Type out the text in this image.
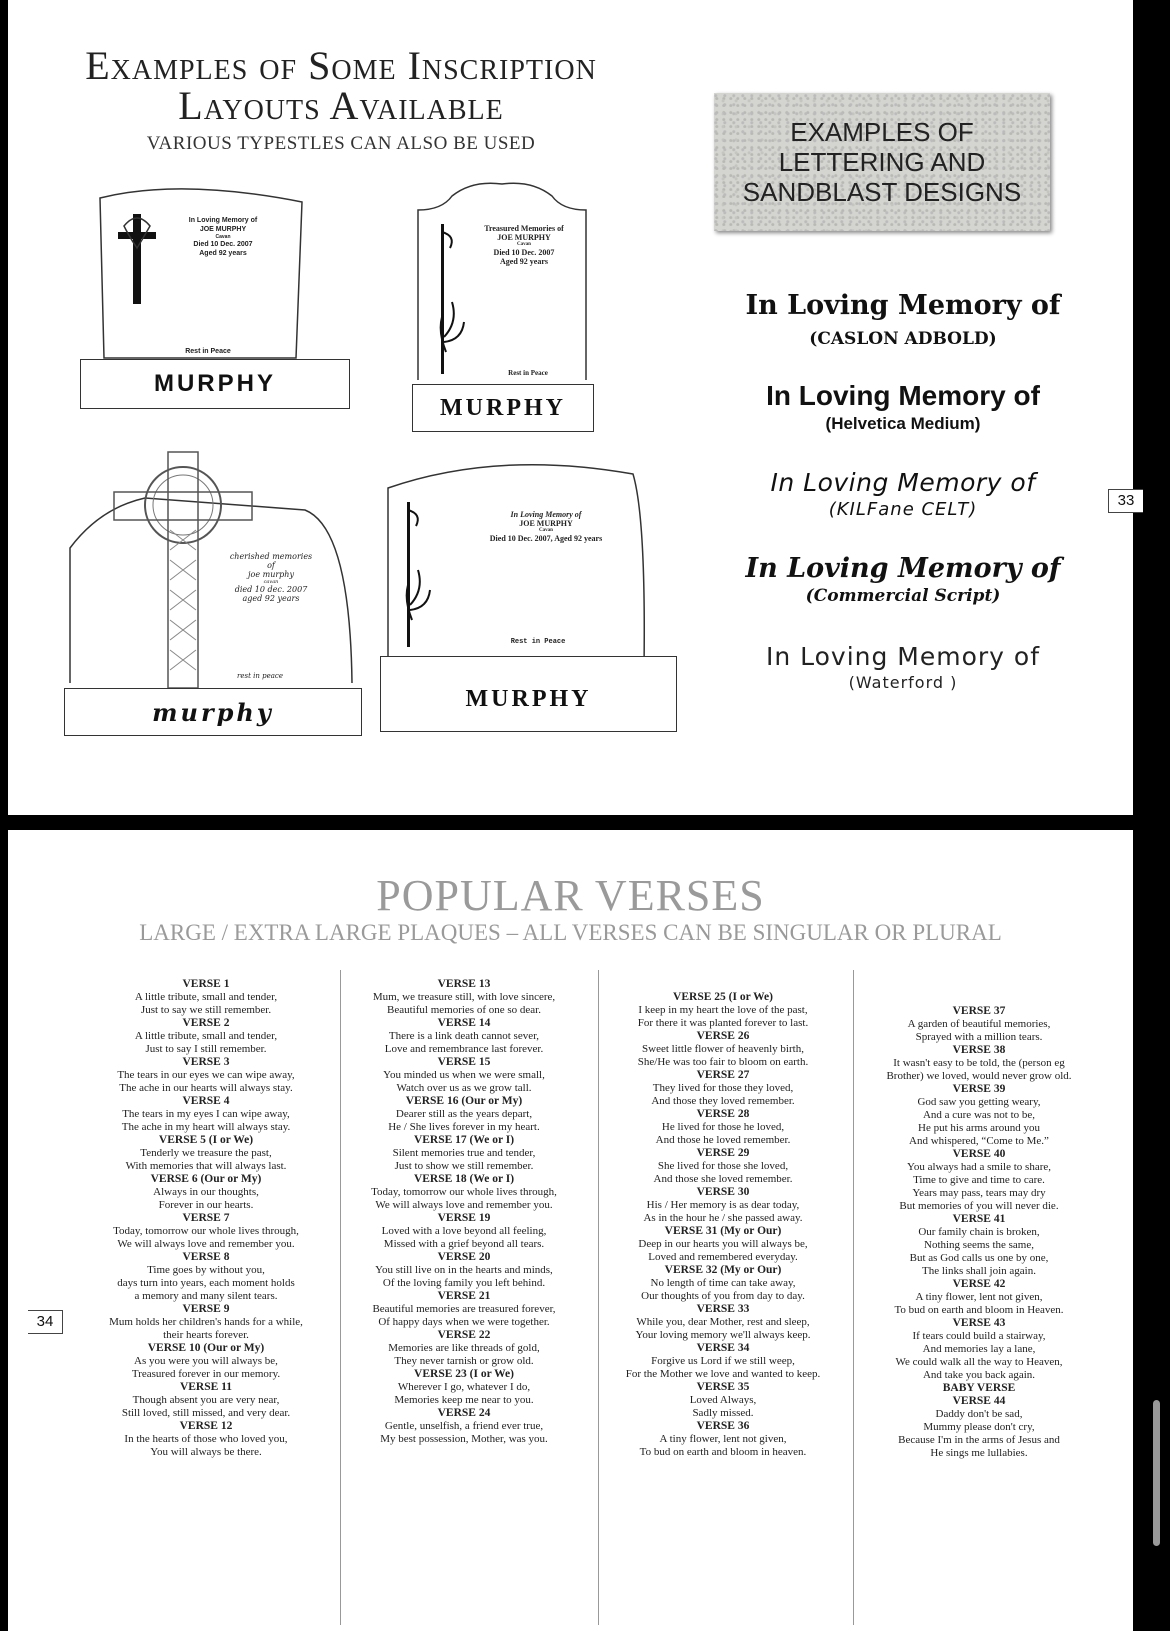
Examples of Some Inscription
Layouts Available
VARIOUS TYPESTLES CAN ALSO BE USED	EXAMPLES OF
LETTERING AND
SANDBLAST DESIGNS
In Loving Memory of
JOE MURPHY
Cavan
Died 10 Dec. 2007
Aged 92 years
Rest in Peace
MURPHY
Treasured Memories of
JOE MURPHY
Cavan
Died 10 Dec. 2007
Aged 92 years
Rest in Peace
MURPHY
cherished memories
of
joe murphy
cavan
died 10 dec. 2007
aged 92 years
rest in peace
murphy
In Loving Memory of
JOE MURPHY
Cavan
Died 10 Dec. 2007, Aged 92 years
Rest in Peace
MURPHY
In Loving Memory of
(CASLON ADBOLD)
In Loving Memory of
(Helvetica Medium)
In Loving Memory of
(KILFane CELT)
In Loving Memory of
(Commercial Script)
In Loving Memory of
(Waterford )
33
POPULAR VERSES
LARGE / EXTRA LARGE PLAQUES – ALL VERSES CAN BE SINGULAR OR PLURAL
VERSE 1
A little tribute, small and tender,
Just to say we still remember.
VERSE 2
A little tribute, small and tender,
Just to say I still remember.
VERSE 3
The tears in our eyes we can wipe away,
The ache in our hearts will always stay.
VERSE 4
The tears in my eyes I can wipe away,
The ache in my heart will always stay.
VERSE 5 (I or We)
Tenderly we treasure the past,
With memories that will always last.
VERSE 6 (Our or My)
Always in our thoughts,
Forever in our hearts.
VERSE 7
Today, tomorrow our whole lives through,
We will always love and remember you.
VERSE 8
Time goes by without you,
days turn into years, each moment holds
a memory and many silent tears.
VERSE 9
Mum holds her children's hands for a while,
their hearts forever.
VERSE 10 (Our or My)
As you were you will always be,
Treasured forever in our memory.
VERSE 11
Though absent you are very near,
Still loved, still missed, and very dear.
VERSE 12
In the hearts of those who loved you,
You will always be there.
VERSE 13
Mum, we treasure still, with love sincere,
Beautiful memories of one so dear.
VERSE 14
There is a link death cannot sever,
Love and remembrance last forever.
VERSE 15
You minded us when we were small,
Watch over us as we grow tall.
VERSE 16 (Our or My)
Dearer still as the years depart,
He / She lives forever in my heart.
VERSE 17 (We or I)
Silent memories true and tender,
Just to show we still remember.
VERSE 18 (We or I)
Today, tomorrow our whole lives through,
We will always love and remember you.
VERSE 19
Loved with a love beyond all feeling,
Missed with a grief beyond all tears.
VERSE 20
You still live on in the hearts and minds,
Of the loving family you left behind.
VERSE 21
Beautiful memories are treasured forever,
Of happy days when we were together.
VERSE 22
Memories are like threads of gold,
They never tarnish or grow old.
VERSE 23 (I or We)
Wherever I go, whatever I do,
Memories keep me near to you.
VERSE 24
Gentle, unselfish, a friend ever true,
My best possession, Mother, was you.
VERSE 25 (I or We)
I keep in my heart the love of the past,
For there it was planted forever to last.
VERSE 26
Sweet little flower of heavenly birth,
She/He was too fair to bloom on earth.
VERSE 27
They lived for those they loved,
And those they loved remember.
VERSE 28
He lived for those he loved,
And those he loved remember.
VERSE 29
She lived for those she loved,
And those she loved remember.
VERSE 30
His / Her memory is as dear today,
As in the hour he / she passed away.
VERSE 31 (My or Our)
Deep in our hearts you will always be,
Loved and remembered everyday.
VERSE 32 (My or Our)
No length of time can take away,
Our thoughts of you from day to day.
VERSE 33
While you, dear Mother, rest and sleep,
Your loving memory we'll always keep.
VERSE 34
Forgive us Lord if we still weep,
For the Mother we love and wanted to keep.
VERSE 35
Loved Always,
Sadly missed.
VERSE 36
A tiny flower, lent not given,
To bud on earth and bloom in heaven.
VERSE 37
A garden of beautiful memories,
Sprayed with a million tears.
VERSE 38
It wasn't easy to be told, the (person eg
Brother) we loved, would never grow old.
VERSE 39
God saw you getting weary,
And a cure was not to be,
He put his arms around you
And whispered, “Come to Me.”
VERSE 40
You always had a smile to share,
Time to give and time to care.
Years may pass, tears may dry
But memories of you will never die.
VERSE 41
Our family chain is broken,
Nothing seems the same,
But as God calls us one by one,
The links shall join again.
VERSE 42
A tiny flower, lent not given,
To bud on earth and bloom in Heaven.
VERSE 43
If tears could build a stairway,
And memories lay a lane,
We could walk all the way to Heaven,
And take you back again.
BABY VERSE
VERSE 44
Daddy don't be sad,
Mummy please don't cry,
Because I'm in the arms of Jesus and
He sings me lullabies.
34
